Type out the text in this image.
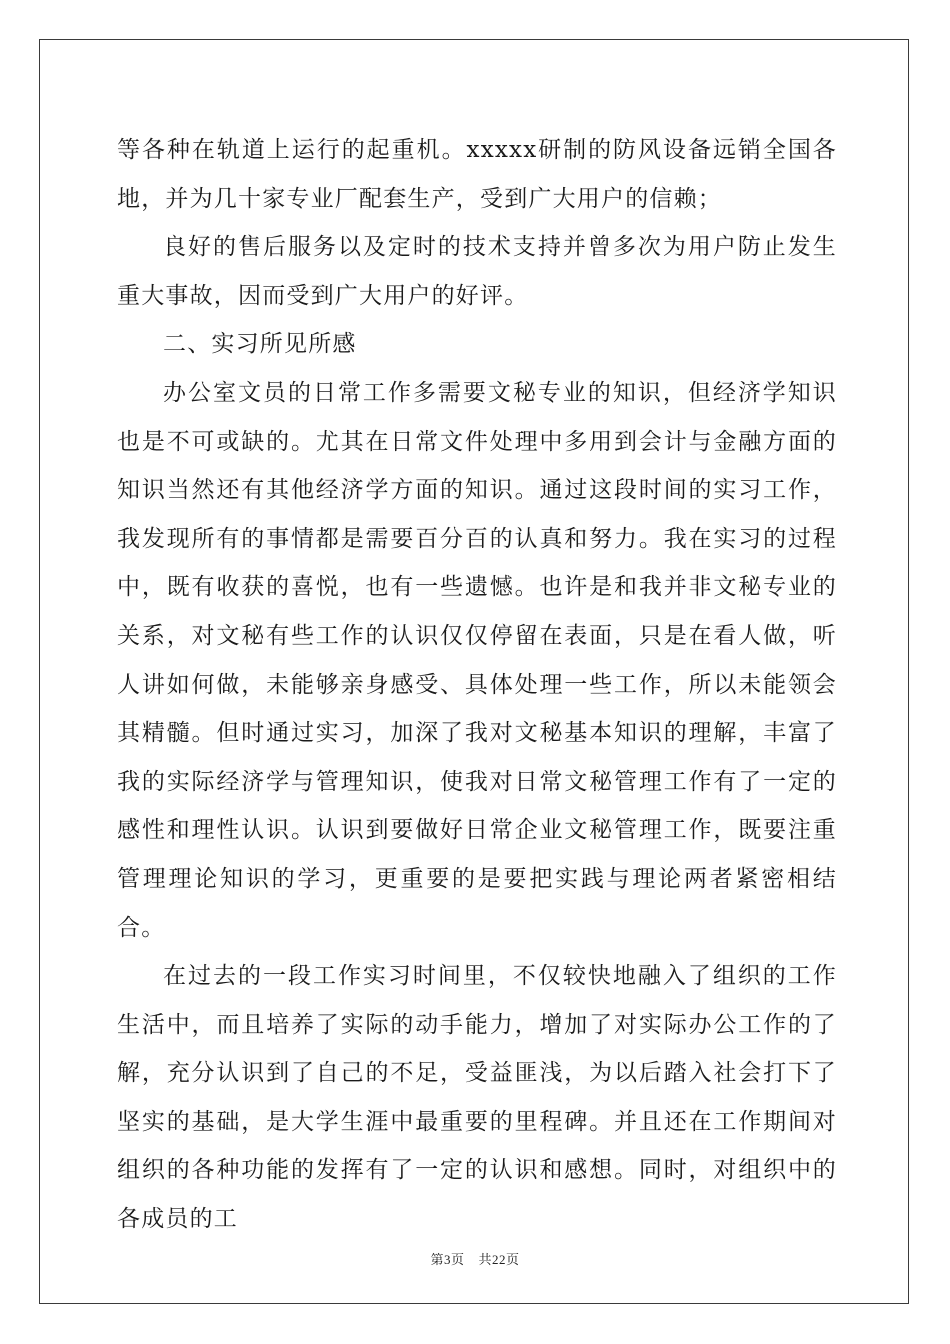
等各种在轨道上运行的起重机。xxxxx研制的防风设备远销全国各地，并为几十家专业厂配套生产，受到广大用户的信赖；

良好的售后服务以及定时的技术支持并曾多次为用户防止发生重大事故，因而受到广大用户的好评。

二、实习所见所感

办公室文员的日常工作多需要文秘专业的知识，但经济学知识也是不可或缺的。尤其在日常文件处理中多用到会计与金融方面的知识当然还有其他经济学方面的知识。通过这段时间的实习工作，我发现所有的事情都是需要百分百的认真和努力。我在实习的过程中，既有收获的喜悦，也有一些遗憾。也许是和我并非文秘专业的关系，对文秘有些工作的认识仅仅停留在表面，只是在看人做，听人讲如何做，未能够亲身感受、具体处理一些工作，所以未能领会其精髓。但时通过实习，加深了我对文秘基本知识的理解，丰富了我的实际经济学与管理知识，使我对日常文秘管理工作有了一定的感性和理性认识。认识到要做好日常企业文秘管理工作，既要注重管理理论知识的学习，更重要的是要把实践与理论两者紧密相结合。

在过去的一段工作实习时间里，不仅较快地融入了组织的工作生活中，而且培养了实际的动手能力，增加了对实际办公工作的了解，充分认识到了自己的不足，受益匪浅，为以后踏入社会打下了坚实的基础，是大学生涯中最重要的里程碑。并且还在工作期间对组织的各种功能的发挥有了一定的认识和感想。同时，对组织中的各成员的工

第3页 共22页
